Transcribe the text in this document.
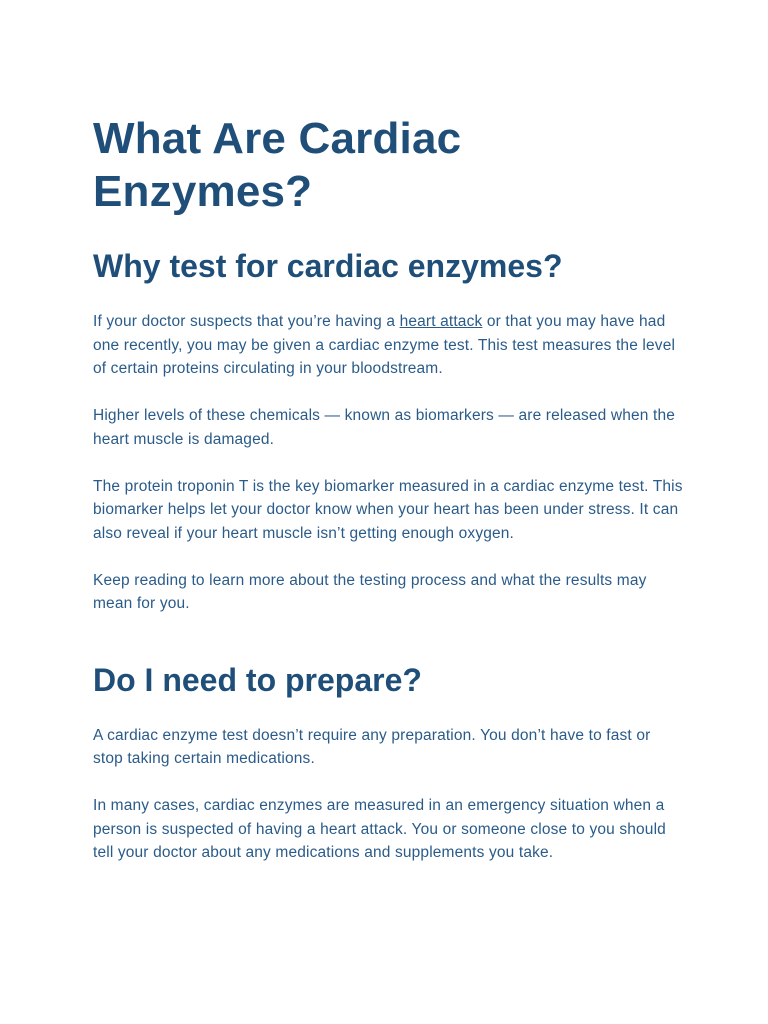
What Are Cardiac Enzymes?
Why test for cardiac enzymes?

If your doctor suspects that you’re having a heart attack or that you may have had one recently, you may be given a cardiac enzyme test. This test measures the level of certain proteins circulating in your bloodstream.

Higher levels of these chemicals — known as biomarkers — are released when the heart muscle is damaged.

The protein troponin T is the key biomarker measured in a cardiac enzyme test. This biomarker helps let your doctor know when your heart has been under stress. It can also reveal if your heart muscle isn’t getting enough oxygen.

Keep reading to learn more about the testing process and what the results may mean for you.

Do I need to prepare?

A cardiac enzyme test doesn’t require any preparation. You don’t have to fast or stop taking certain medications.

In many cases, cardiac enzymes are measured in an emergency situation when a person is suspected of having a heart attack. You or someone close to you should tell your doctor about any medications and supplements you take.
